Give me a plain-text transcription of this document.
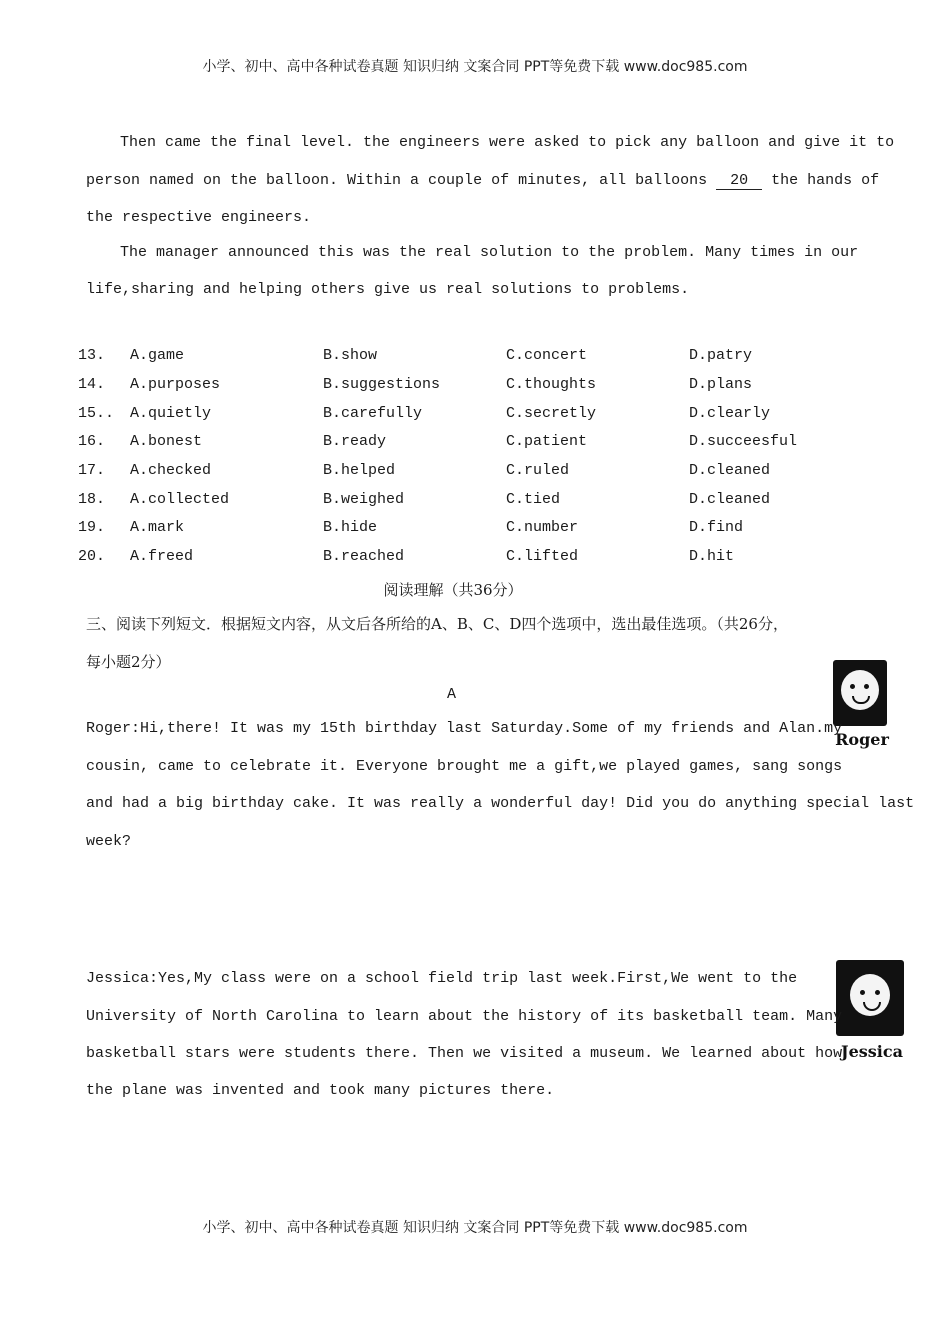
小学、初中、高中各种试卷真题 知识归纳 文案合同 PPT等免费下载 www.doc985.com
Then came the final level. the engineers were asked to pick any balloon and give it to
person named on the balloon. Within a couple of minutes, all balloons 20 the hands of
the respective engineers.
The manager announced this was the real solution to the problem. Many times in our
life,sharing and helping others give us real solutions to problems.
13. A.game	B.show	C.concert	D.patry
14. A.purposes	B.suggestions	C.thoughts	D.plans
15.. A.quietly	B.carefully	C.secretly	D.clearly
16. A.bonest	B.ready	C.patient	D.succeesful
17. A.checked	B.helped	C.ruled	D.cleaned
18. A.collected	B.weighed	C.tied	D.cleaned
19. A.mark	B.hide	C.number	D.find
20. A.freed	B.reached	C.lifted	D.hit
阅读理解（共36分）
三、阅读下列短文．根据短文内容，从文后各所给的A、B、C、D四个选项中，选出最佳选项。（共26分，
每小题2分）
A
Roger
Roger:Hi,there! It was my 15th birthday last Saturday.Some of my friends and Alan.my
cousin, came to celebrate it. Everyone brought me a gift,we played games, sang songs
and had a big birthday cake. It was really a wonderful day! Did you do anything special last
week?
Jessica
Jessica:Yes,My class were on a school field trip last week.First,We went to the
University of North Carolina to learn about the history of its basketball team. Many
basketball stars were students there. Then we visited a museum. We learned about how
the plane was invented and took many pictures there.
小学、初中、高中各种试卷真题 知识归纳 文案合同 PPT等免费下载 www.doc985.com
